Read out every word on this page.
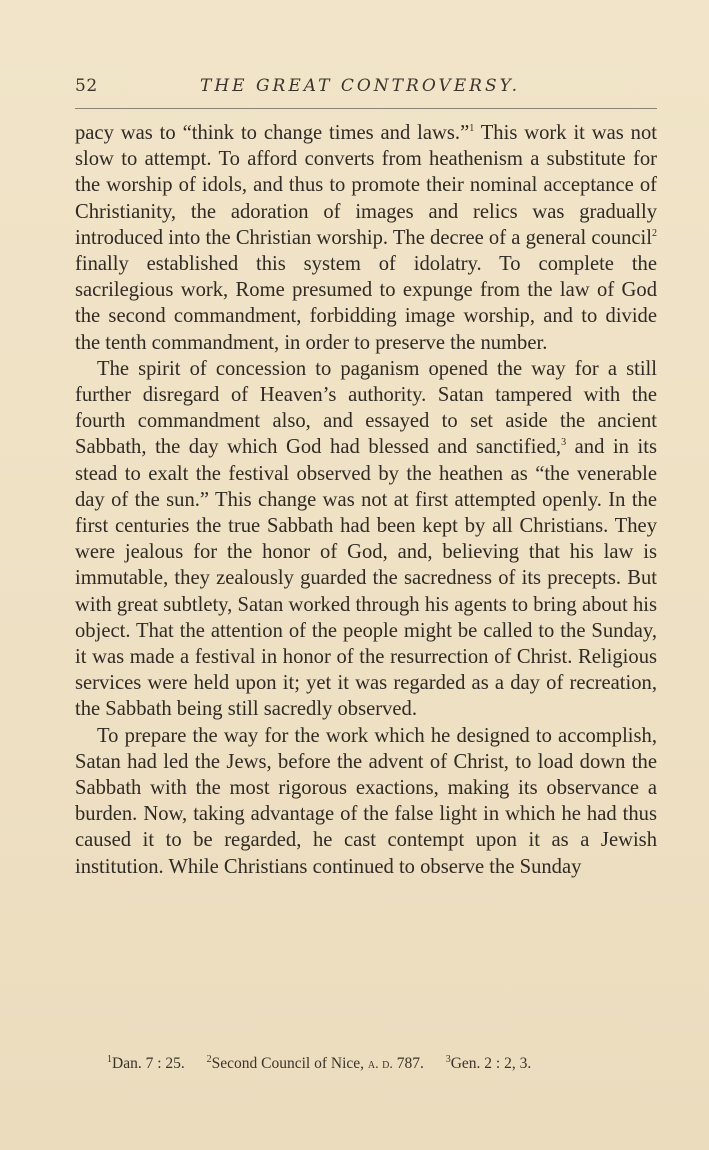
52	THE GREAT CONTROVERSY.

pacy was to “think to change times and laws.”$^1$ This work it was not slow to attempt. To afford converts from heathenism a substitute for the worship of idols, and thus to promote their nominal acceptance of Christianity, the adoration of images and relics was gradually introduced into the Christian worship. The decree of a general council$^2$ finally established this system of idolatry. To complete the sacrilegious work, Rome presumed to expunge from the law of God the second commandment, forbidding image worship, and to divide the tenth commandment, in order to preserve the number.

The spirit of concession to paganism opened the way for a still further disregard of Heaven’s authority. Satan tampered with the fourth commandment also, and essayed to set aside the ancient Sabbath, the day which God had blessed and sanctified,$^3$ and in its stead to exalt the festival observed by the heathen as “the venerable day of the sun.” This change was not at first attempted openly. In the first centuries the true Sabbath had been kept by all Christians. They were jealous for the honor of God, and, believing that his law is immutable, they zealously guarded the sacredness of its precepts. But with great subtlety, Satan worked through his agents to bring about his object. That the attention of the people might be called to the Sunday, it was made a festival in honor of the resurrection of Christ. Religious services were held upon it; yet it was regarded as a day of recreation, the Sabbath being still sacredly observed.

To prepare the way for the work which he designed to accomplish, Satan had led the Jews, before the advent of Christ, to load down the Sabbath with the most rigorous exactions, making its observance a burden. Now, taking advantage of the false light in which he had thus caused it to be regarded, he cast contempt upon it as a Jewish institution. While Christians continued to observe the Sunday

$^1$Dan. 7 : 25. $^2$Second Council of Nice, a. d. 787. $^3$Gen. 2 : 2, 3.
